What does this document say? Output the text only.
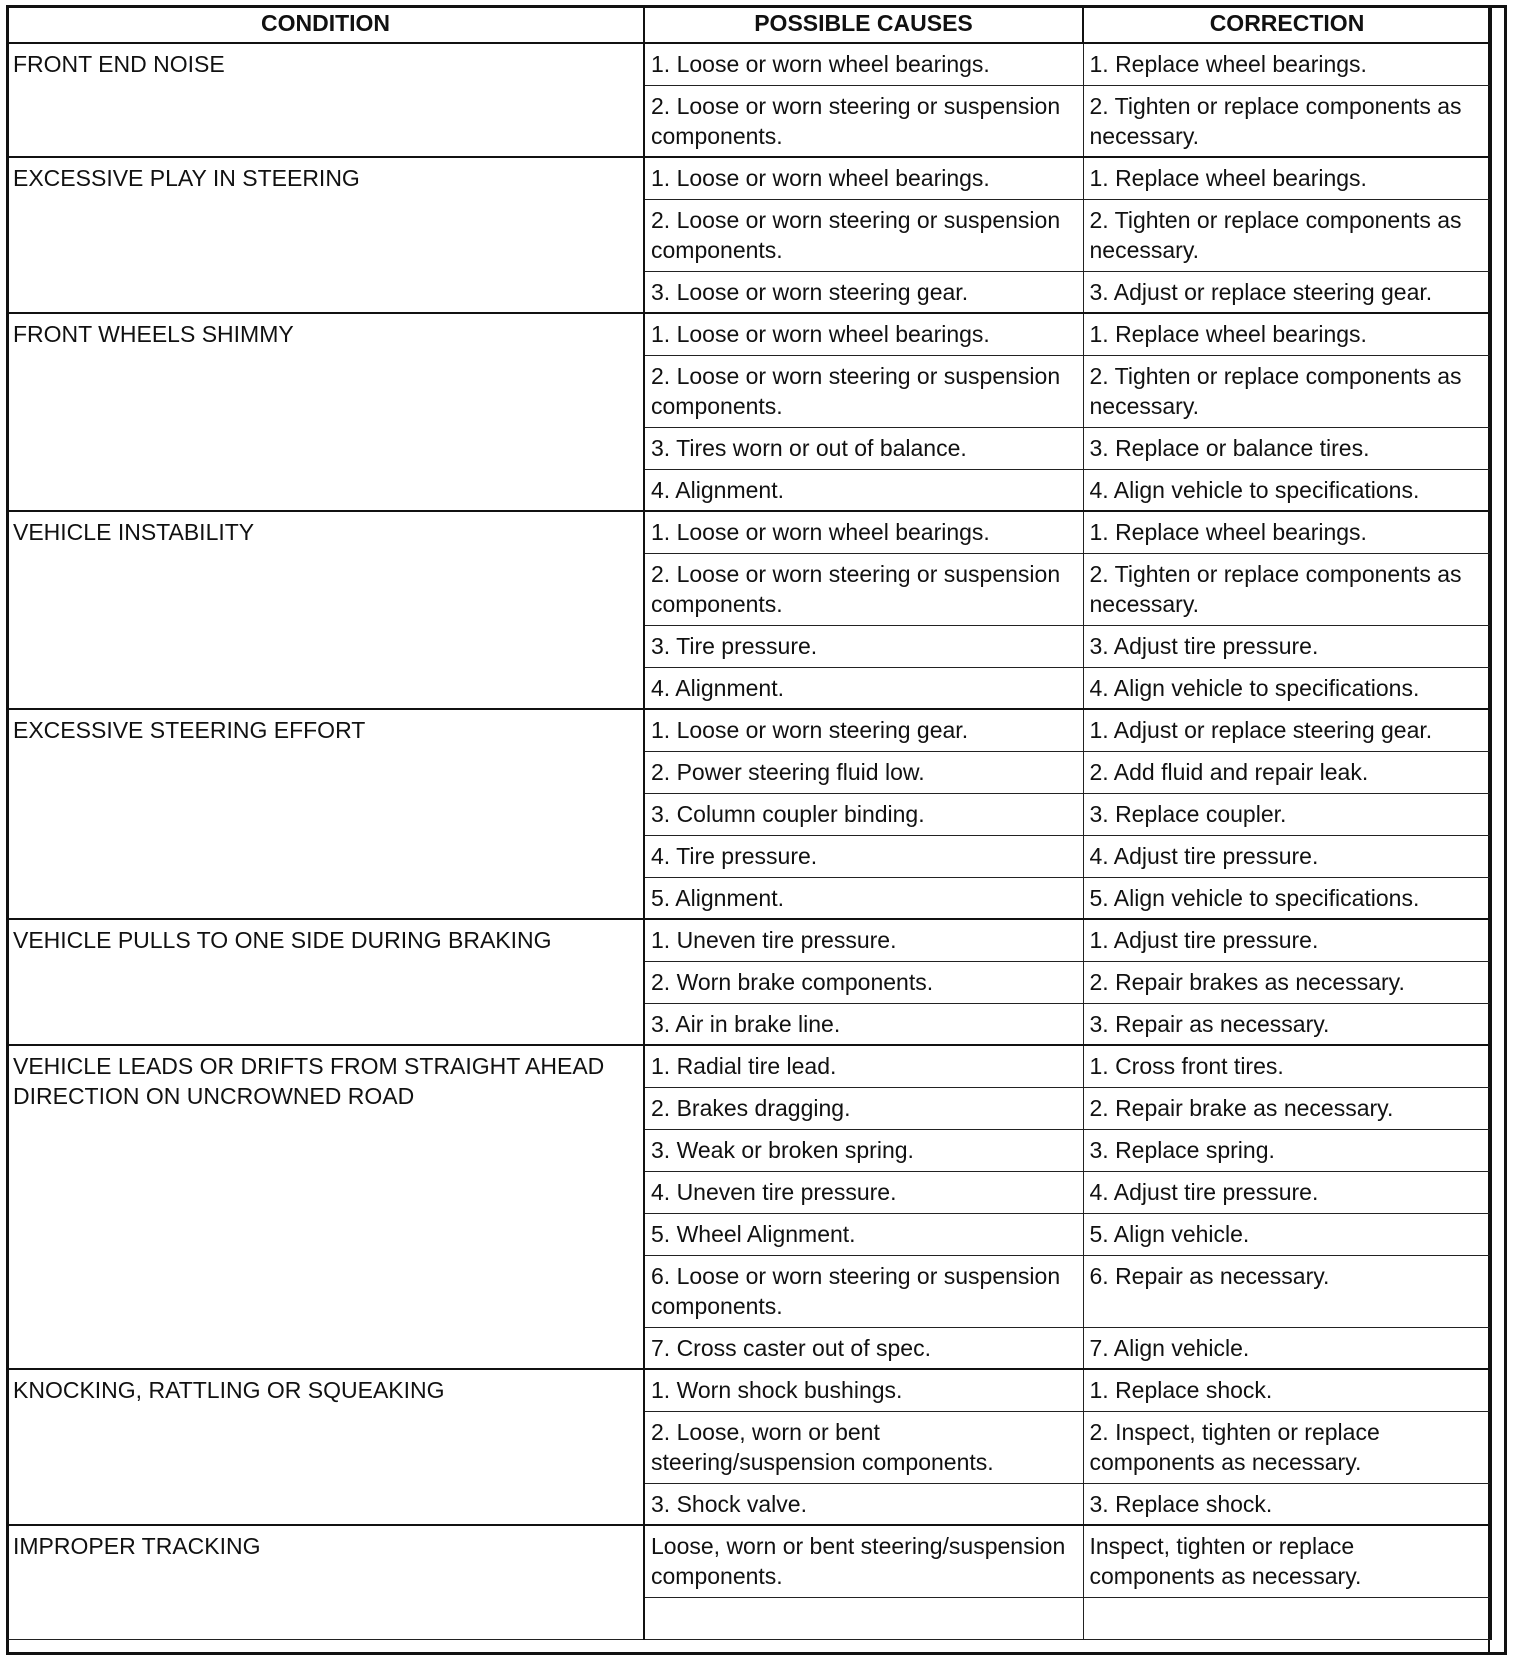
CONDITION	POSSIBLE CAUSES	CORRECTION
FRONT END NOISE	1. Loose or worn wheel bearings.	1. Replace wheel bearings.
	2. Loose or worn steering or suspension components.	2. Tighten or replace components as necessary.
EXCESSIVE PLAY IN STEERING	1. Loose or worn wheel bearings.	1. Replace wheel bearings.
	2. Loose or worn steering or suspension components.	2. Tighten or replace components as necessary.
	3. Loose or worn steering gear.	3. Adjust or replace steering gear.
FRONT WHEELS SHIMMY	1. Loose or worn wheel bearings.	1. Replace wheel bearings.
	2. Loose or worn steering or suspension components.	2. Tighten or replace components as necessary.
	3. Tires worn or out of balance.	3. Replace or balance tires.
	4. Alignment.	4. Align vehicle to specifications.
VEHICLE INSTABILITY	1. Loose or worn wheel bearings.	1. Replace wheel bearings.
	2. Loose or worn steering or suspension components.	2. Tighten or replace components as necessary.
	3. Tire pressure.	3. Adjust tire pressure.
	4. Alignment.	4. Align vehicle to specifications.
EXCESSIVE STEERING EFFORT	1. Loose or worn steering gear.	1. Adjust or replace steering gear.
	2. Power steering fluid low.	2. Add fluid and repair leak.
	3. Column coupler binding.	3. Replace coupler.
	4. Tire pressure.	4. Adjust tire pressure.
	5. Alignment.	5. Align vehicle to specifications.
VEHICLE PULLS TO ONE SIDE DURING BRAKING	1. Uneven tire pressure.	1. Adjust tire pressure.
	2. Worn brake components.	2. Repair brakes as necessary.
	3. Air in brake line.	3. Repair as necessary.
VEHICLE LEADS OR DRIFTS FROM STRAIGHT AHEAD DIRECTION ON UNCROWNED ROAD	1. Radial tire lead.	1. Cross front tires.
	2. Brakes dragging.	2. Repair brake as necessary.
	3. Weak or broken spring.	3. Replace spring.
	4. Uneven tire pressure.	4. Adjust tire pressure.
	5. Wheel Alignment.	5. Align vehicle.
	6. Loose or worn steering or suspension components.	6. Repair as necessary.
	7. Cross caster out of spec.	7. Align vehicle.
KNOCKING, RATTLING OR SQUEAKING	1. Worn shock bushings.	1. Replace shock.
	2. Loose, worn or bent steering/suspension components.	2. Inspect, tighten or replace components as necessary.
	3. Shock valve.	3. Replace shock.
IMPROPER TRACKING	Loose, worn or bent steering/suspension components.	Inspect, tighten or replace components as necessary.
